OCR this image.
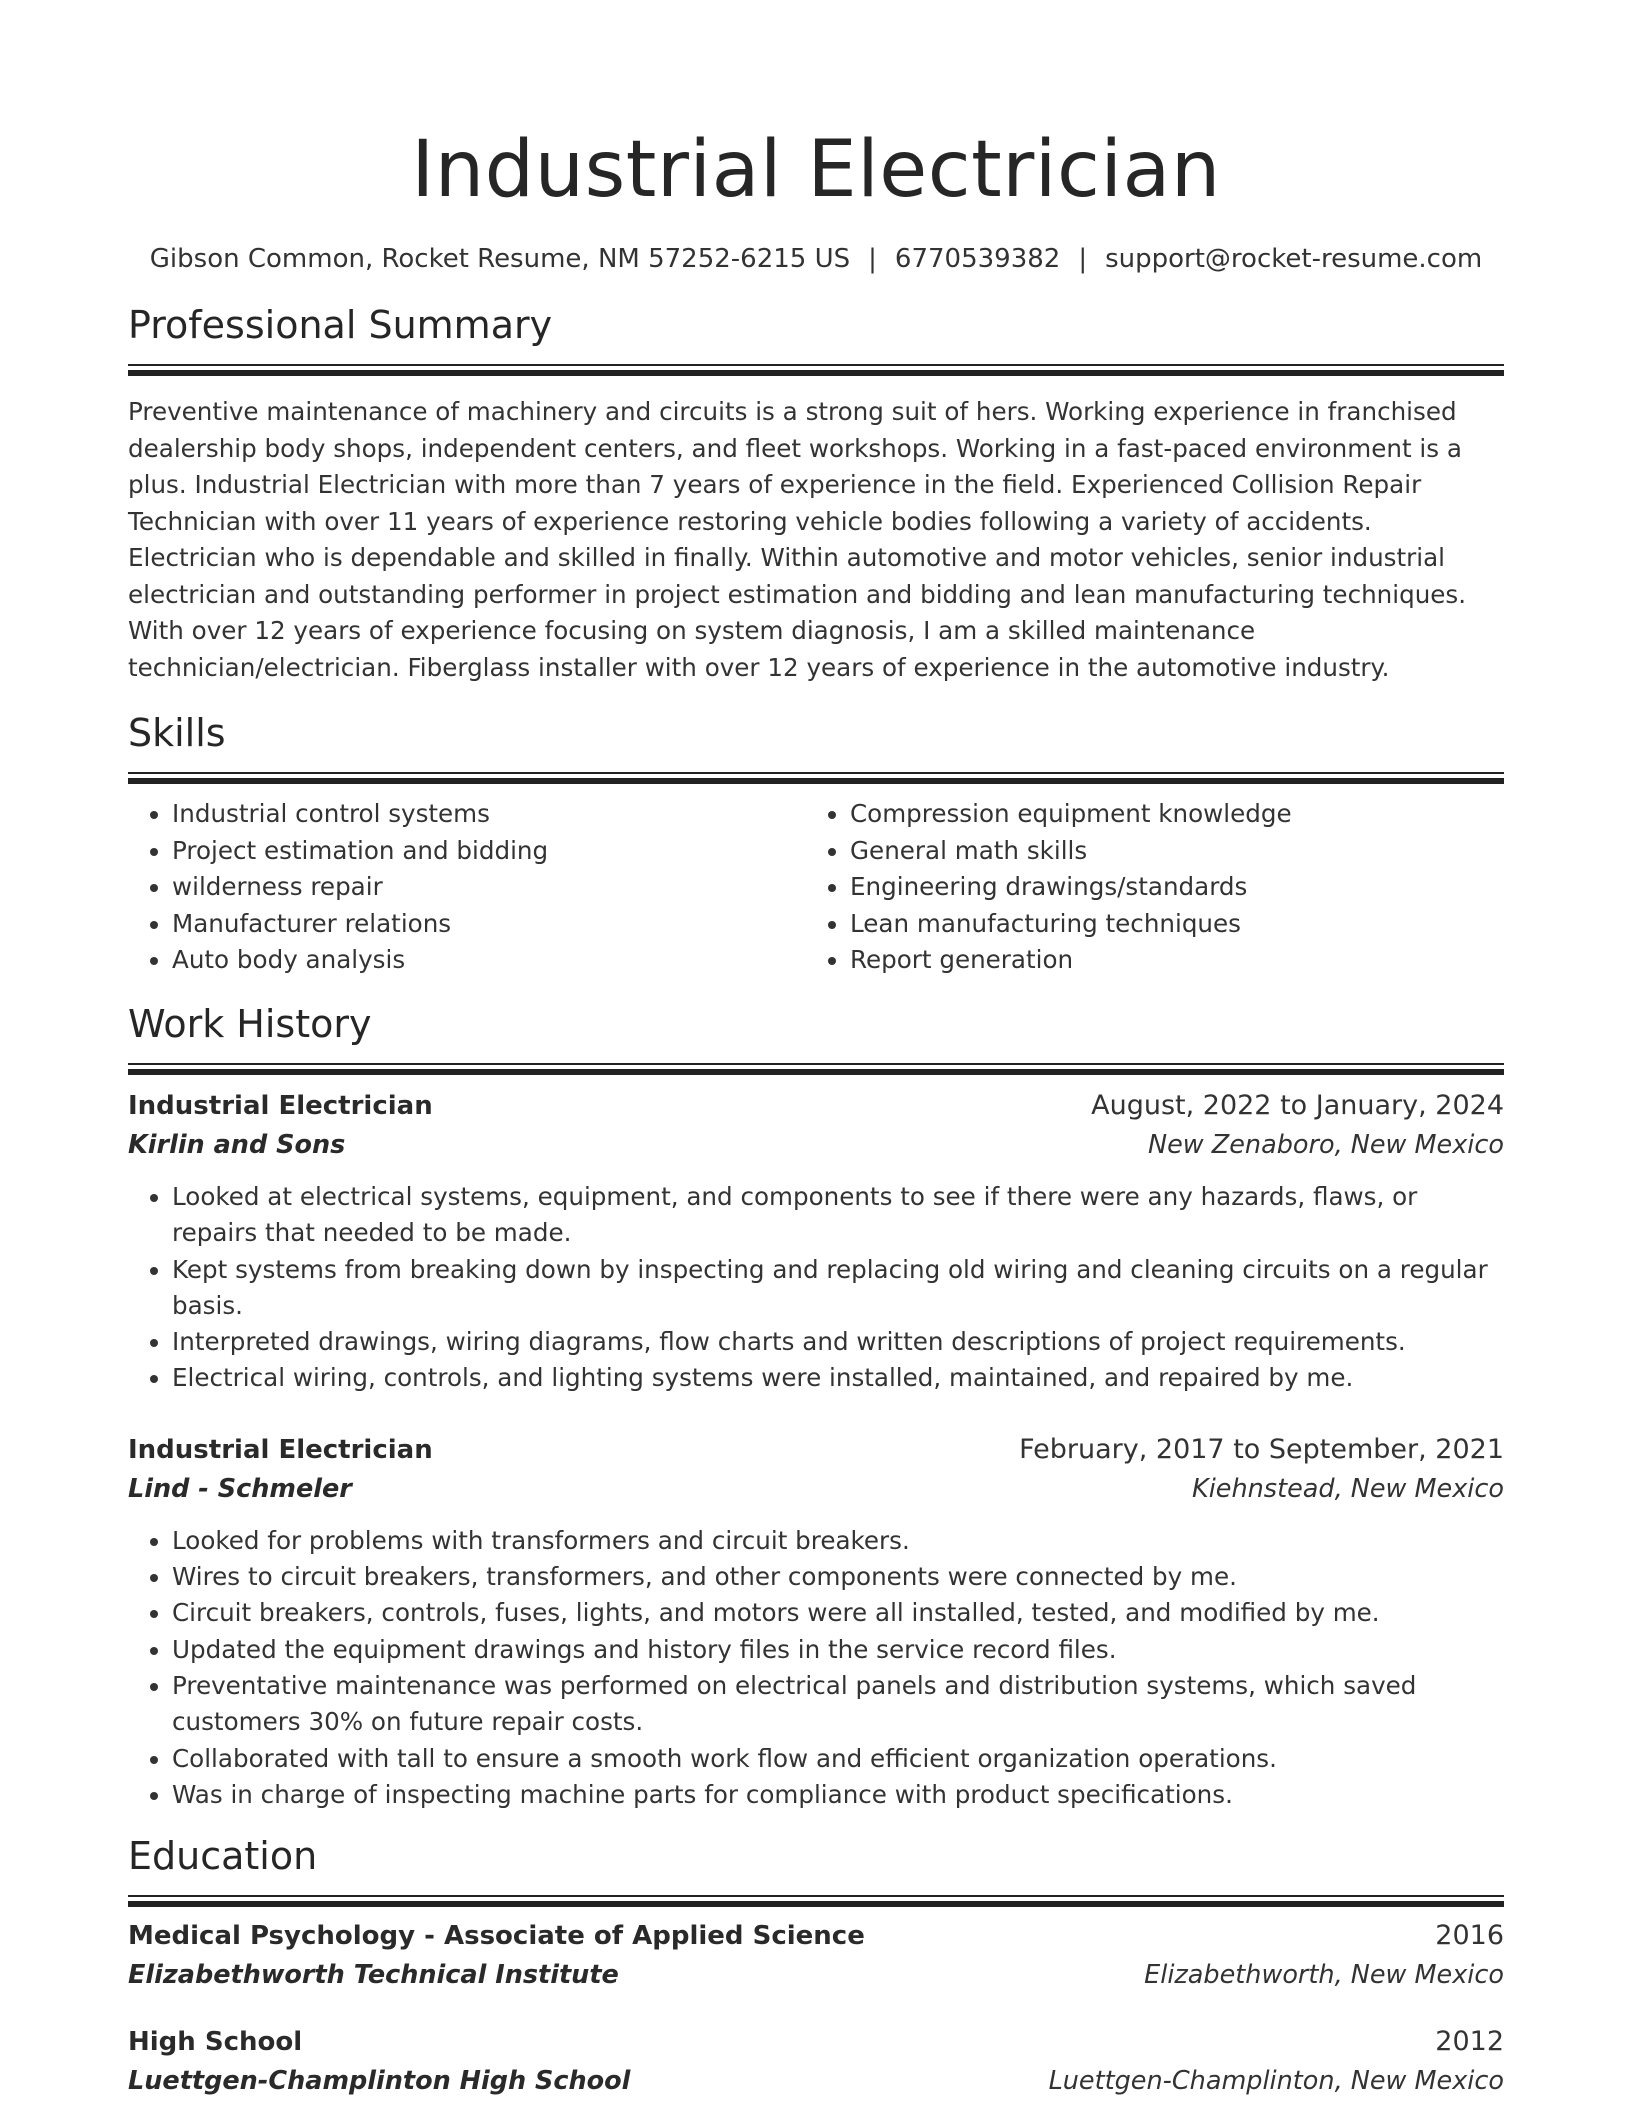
Industrial Electrician
Gibson Common, Rocket Resume, NM 57252-6215 US | 6770539382 | support@rocket-resume.com
Professional Summary
Preventive maintenance of machinery and circuits is a strong suit of hers. Working experience in franchised dealership body shops, independent centers, and fleet workshops. Working in a fast-paced environment is a plus. Industrial Electrician with more than 7 years of experience in the field. Experienced Collision Repair Technician with over 11 years of experience restoring vehicle bodies following a variety of accidents. Electrician who is dependable and skilled in finally. Within automotive and motor vehicles, senior industrial electrician and outstanding performer in project estimation and bidding and lean manufacturing techniques. With over 12 years of experience focusing on system diagnosis, I am a skilled maintenance technician/electrician. Fiberglass installer with over 12 years of experience in the automotive industry.
Skills
• Industrial control systems
• Project estimation and bidding
• wilderness repair
• Manufacturer relations
• Auto body analysis
• Compression equipment knowledge
• General math skills
• Engineering drawings/standards
• Lean manufacturing techniques
• Report generation
Work History
Industrial Electrician	August, 2022 to January, 2024
Kirlin and Sons	New Zenaboro, New Mexico
• Looked at electrical systems, equipment, and components to see if there were any hazards, flaws, or repairs that needed to be made.
• Kept systems from breaking down by inspecting and replacing old wiring and cleaning circuits on a regular basis.
• Interpreted drawings, wiring diagrams, flow charts and written descriptions of project requirements.
• Electrical wiring, controls, and lighting systems were installed, maintained, and repaired by me.
Industrial Electrician	February, 2017 to September, 2021
Lind - Schmeler	Kiehnstead, New Mexico
• Looked for problems with transformers and circuit breakers.
• Wires to circuit breakers, transformers, and other components were connected by me.
• Circuit breakers, controls, fuses, lights, and motors were all installed, tested, and modified by me.
• Updated the equipment drawings and history files in the service record files.
• Preventative maintenance was performed on electrical panels and distribution systems, which saved customers 30% on future repair costs.
• Collaborated with tall to ensure a smooth work flow and efficient organization operations.
• Was in charge of inspecting machine parts for compliance with product specifications.
Education
Medical Psychology - Associate of Applied Science	2016
Elizabethworth Technical Institute	Elizabethworth, New Mexico
High School	2012
Luettgen-Champlinton High School	Luettgen-Champlinton, New Mexico
